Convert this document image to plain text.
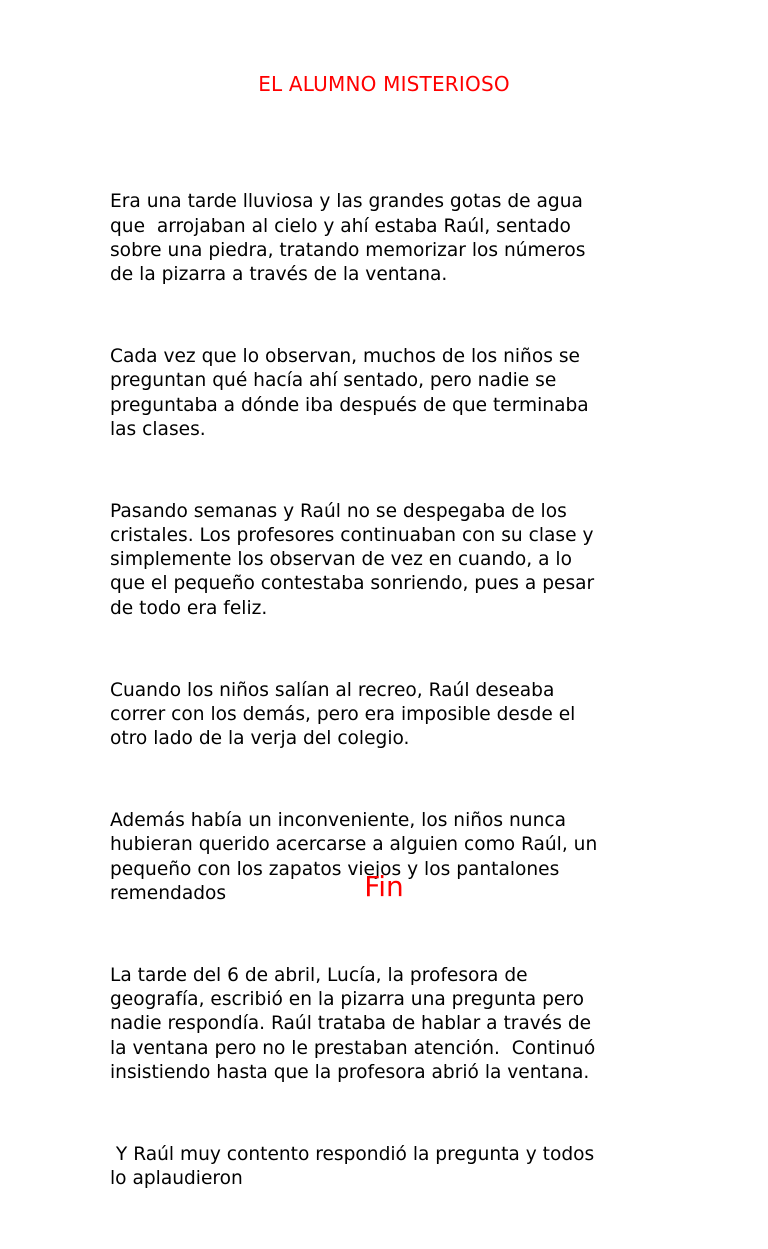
EL ALUMNO MISTERIOSO

Era una tarde lluviosa y las grandes gotas de agua
que  arrojaban al cielo y ahí estaba Raúl, sentado
sobre una piedra, tratando memorizar los números
de la pizarra a través de la ventana.

Cada vez que lo observan, muchos de los niños se
preguntan qué hacía ahí sentado, pero nadie se
preguntaba a dónde iba después de que terminaba
las clases.

Pasando semanas y Raúl no se despegaba de los
cristales. Los profesores continuaban con su clase y
simplemente los observan de vez en cuando, a lo
que el pequeño contestaba sonriendo, pues a pesar
de todo era feliz.

Cuando los niños salían al recreo, Raúl deseaba
correr con los demás, pero era imposible desde el
otro lado de la verja del colegio.

Además había un inconveniente, los niños nunca
hubieran querido acercarse a alguien como Raúl, un
pequeño con los zapatos viejos y los pantalones
remendados

La tarde del 6 de abril, Lucía, la profesora de
geografía, escribió en la pizarra una pregunta pero
nadie respondía. Raúl trataba de hablar a través de
la ventana pero no le prestaban atención.  Continuó
insistiendo hasta que la profesora abrió la ventana.

Y Raúl muy contento respondió la pregunta y todos
lo aplaudieron

Fin
